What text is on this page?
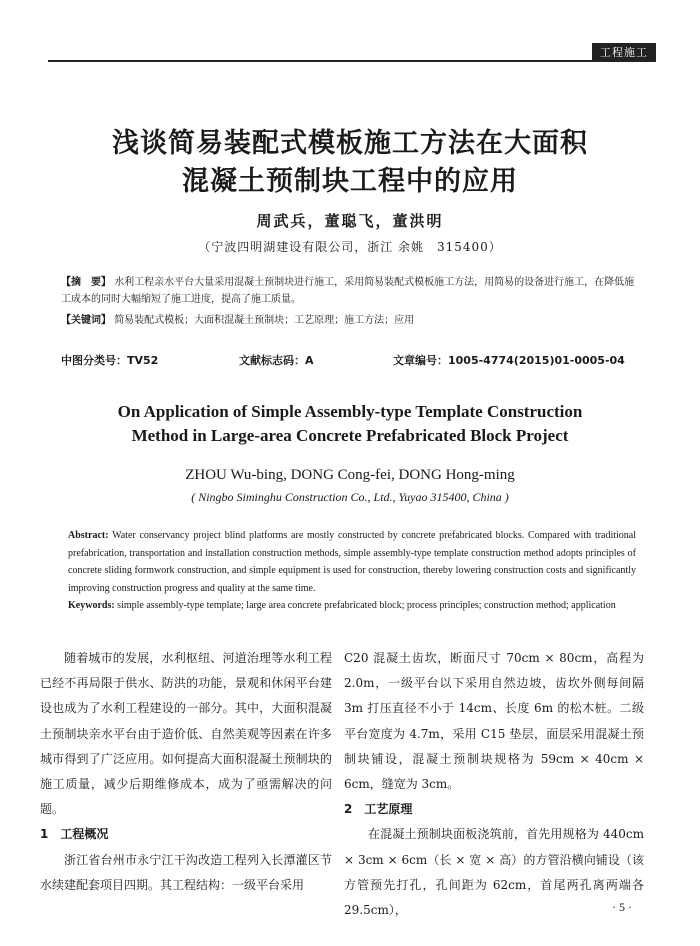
工程施工
浅谈简易装配式模板施工方法在大面积
混凝土预制块工程中的应用
周武兵，董聪飞，董洪明
（宁波四明湖建设有限公司，浙江 余姚　315400）
【摘　要】 水利工程亲水平台大量采用混凝土预制块进行施工，采用简易装配式模板施工方法，用简易的设备进行施工，在降低施工成本的同时大幅缩短了施工进度，提高了施工质量。
【关键词】 简易装配式模板；大面积混凝土预制块；工艺原理；施工方法；应用
中图分类号：TV52	文献标志码：A	文章编号：1005-4774(2015)01-0005-04
On Application of Simple Assembly-type Template Construction
Method in Large-area Concrete Prefabricated Block Project
ZHOU Wu-bing, DONG Cong-fei, DONG Hong-ming
( Ningbo Siminghu Construction Co., Ltd., Yuyao 315400, China )
Abstract: Water conservancy project blind platforms are mostly constructed by concrete prefabricated blocks. Compared with traditional prefabrication, transportation and installation construction methods, simple assembly-type template construction method adopts principles of concrete sliding formwork construction, and simple equipment is used for construction, thereby lowering construction costs and significantly improving construction progress and quality at the same time.
Keywords: simple assembly-type template; large area concrete prefabricated block; process principles; construction method; application

随着城市的发展，水利枢纽、河道治理等水利工程已经不再局限于供水、防洪的功能，景观和休闲平台建设也成为了水利工程建设的一部分。其中，大面积混凝土预制块亲水平台由于造价低、自然美观等因素在许多城市得到了广泛应用。如何提高大面积混凝土预制块的施工质量，减少后期维修成本，成为了亟需解决的问题。

1　工程概况

浙江省台州市永宁江干沟改造工程列入长潭灌区节水续建配套项目四期。其工程结构：一级平台采用

C20 混凝土齿坎，断面尺寸 70cm × 80cm，高程为 2.0m，一级平台以下采用自然边坡，齿坎外侧每间隔 3m 打压直径不小于 14cm、长度 6m 的松木桩。二级平台宽度为 4.7m，采用 C15 垫层，面层采用混凝土预制块铺设，混凝土预制块规格为 59cm × 40cm × 6cm，缝宽为 3cm。

2　工艺原理

在混凝土预制块面板浇筑前，首先用规格为 440cm × 3cm × 6cm（长 × 宽 × 高）的方管沿横向铺设（该方管预先打孔，孔间距为 62cm，首尾两孔离两端各 29.5cm），	· 5 ·
